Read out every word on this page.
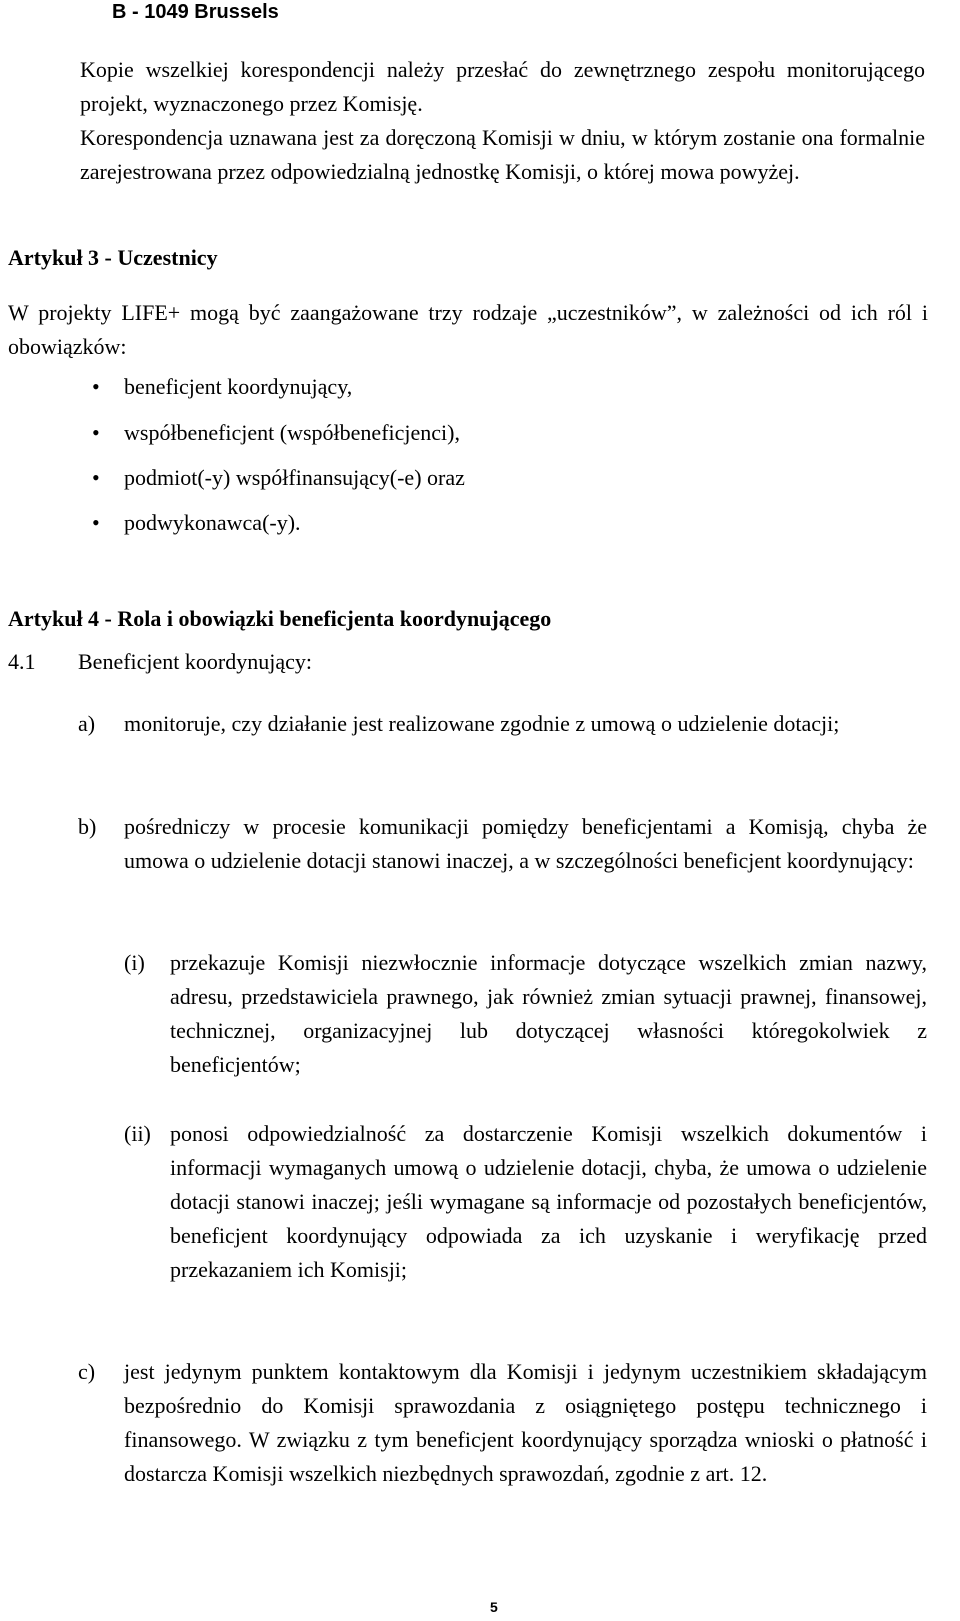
B - 1049 Brussels
Kopie wszelkiej korespondencji należy przesłać do zewnętrznego zespołu monitorującego projekt, wyznaczonego przez Komisję.
Korespondencja uznawana jest za doręczoną Komisji w dniu, w którym zostanie ona formalnie zarejestrowana przez odpowiedzialną jednostkę Komisji, o której mowa powyżej.
Artykuł 3 - Uczestnicy
W projekty LIFE+ mogą być zaangażowane trzy rodzaje „uczestników”, w zależności od ich ról i obowiązków:
•	beneficjent koordynujący,
•	współbeneficjent (współbeneficjenci),
•	podmiot(-y) współfinansujący(-e) oraz
•	podwykonawca(-y).
Artykuł 4 - Rola i obowiązki beneficjenta koordynującego
4.1 Beneficjent koordynujący:
a) monitoruje, czy działanie jest realizowane zgodnie z umową o udzielenie dotacji;
b) pośredniczy w procesie komunikacji pomiędzy beneficjentami a Komisją, chyba że umowa o udzielenie dotacji stanowi inaczej, a w szczególności beneficjent koordynujący:
(i) przekazuje Komisji niezwłocznie informacje dotyczące wszelkich zmian nazwy, adresu, przedstawiciela prawnego, jak również zmian sytuacji prawnej, finansowej, technicznej, organizacyjnej lub dotyczącej własności któregokolwiek z beneficjentów;
(ii) ponosi odpowiedzialność za dostarczenie Komisji wszelkich dokumentów i informacji wymaganych umową o udzielenie dotacji, chyba, że umowa o udzielenie dotacji stanowi inaczej; jeśli wymagane są informacje od pozostałych beneficjentów, beneficjent koordynujący odpowiada za ich uzyskanie i weryfikację przed przekazaniem ich Komisji;
c) jest jedynym punktem kontaktowym dla Komisji i jedynym uczestnikiem składającym bezpośrednio do Komisji sprawozdania z osiągniętego postępu technicznego i finansowego. W związku z tym beneficjent koordynujący sporządza wnioski o płatność i dostarcza Komisji wszelkich niezbędnych sprawozdań, zgodnie z art. 12.
5
